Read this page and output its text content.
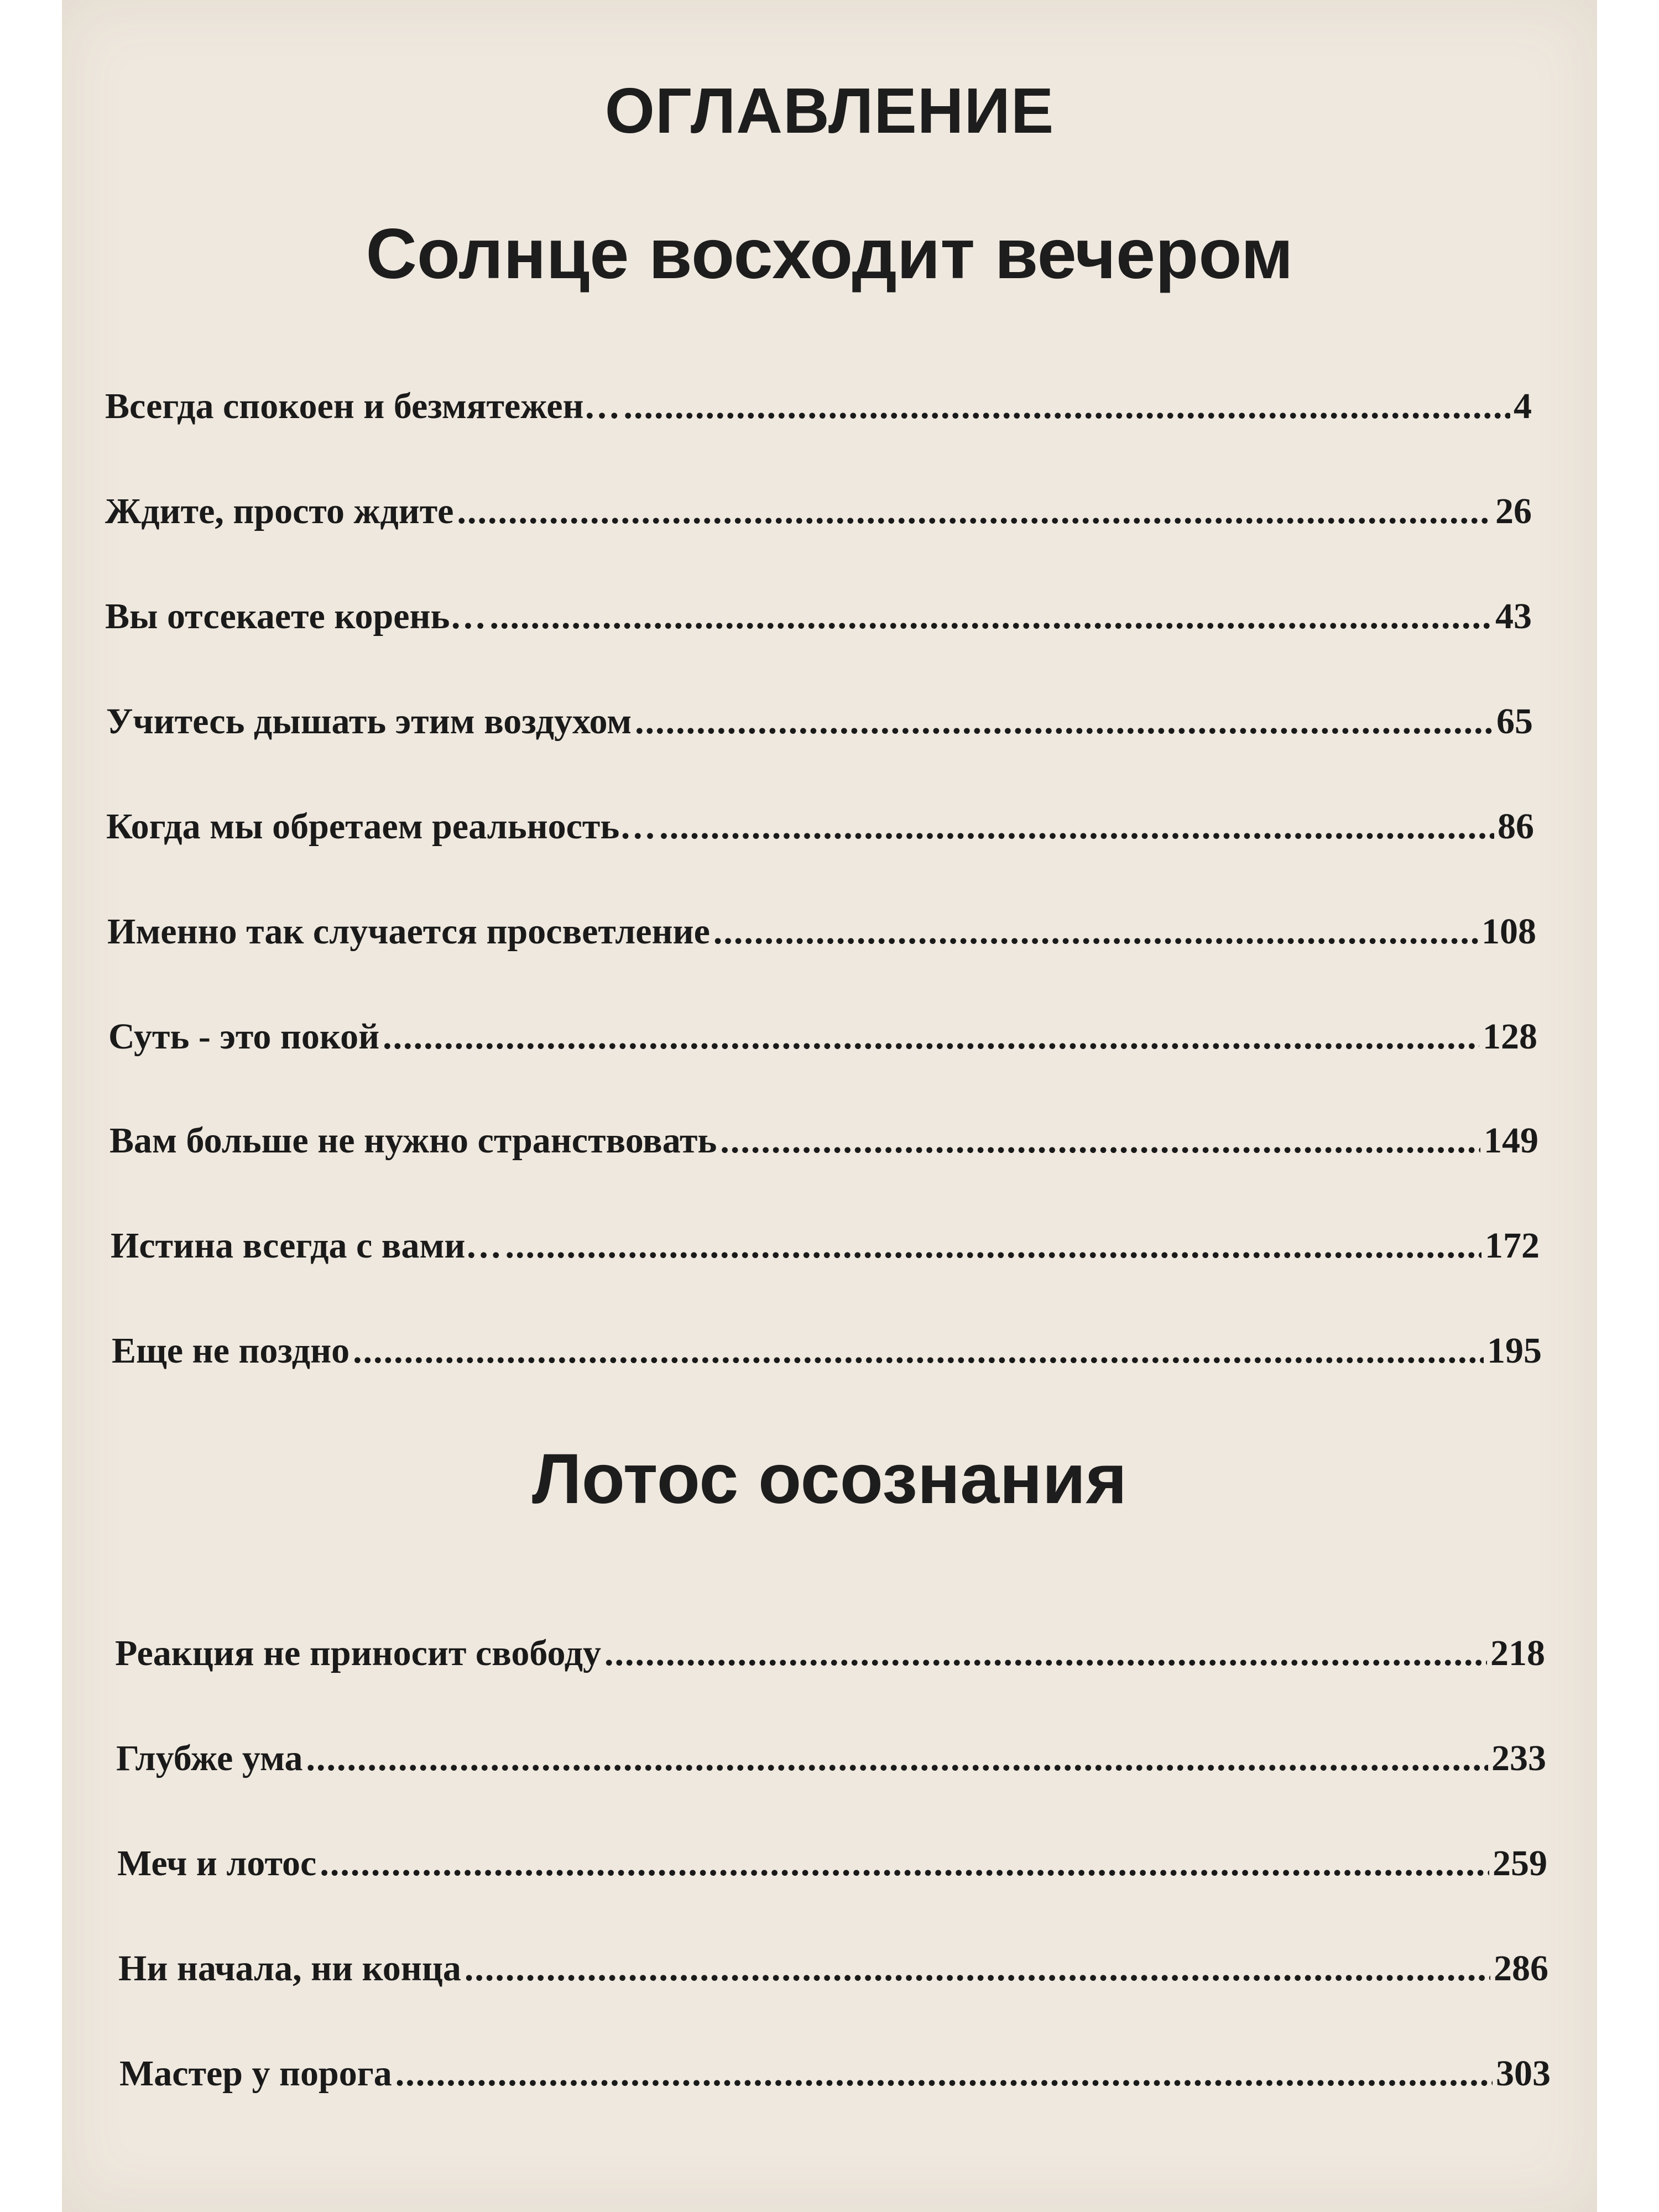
ОГЛАВЛЕНИЕ
Солнце восходит вечером
Всегда спокоен и безмятежен… .....	4
Ждите, просто ждите .....	26
Вы отсекаете корень… .....	43
Учитесь дышать этим воздухом .....	65
Когда мы обретаем реальность… .....	86
Именно так случается просветление .....	108
Суть - это покой .....	128
Вам больше не нужно странствовать .....	149
Истина всегда с вами… .....	172
Еще не поздно .....	195
Лотос осознания
Реакция не приносит свободу .....	218
Глубже ума .....	233
Меч и лотос .....	259
Ни начала, ни конца .....	286
Мастер у порога .....	303
